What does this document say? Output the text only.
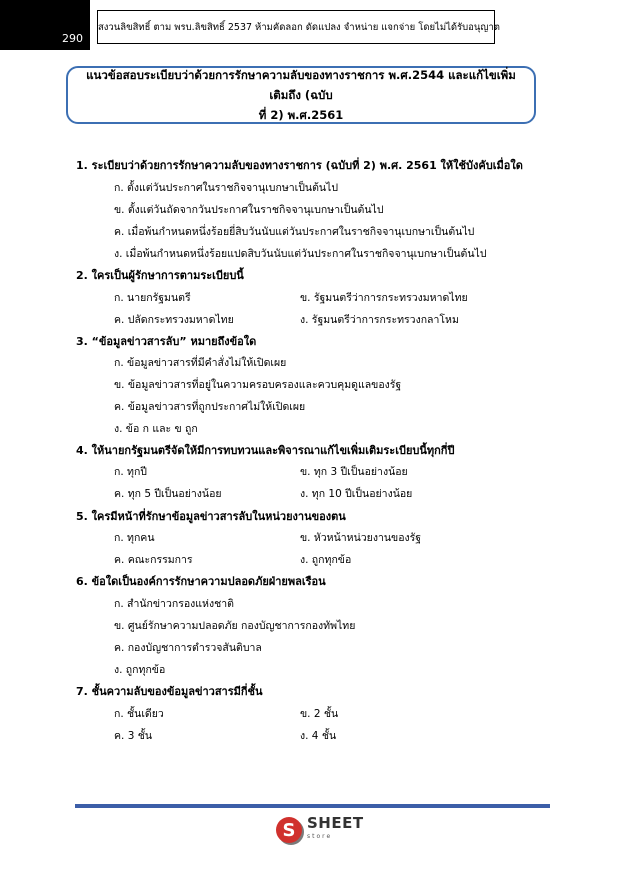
290
สงวนลิขสิทธิ์ ตาม พรบ.ลิขสิทธิ์ 2537 ห้ามคัดลอก ดัดแปลง จำหน่าย แจกจ่าย โดยไม่ได้รับอนุญาต
แนวข้อสอบระเบียบว่าด้วยการรักษาความลับของทางราชการ พ.ศ.2544 และแก้ไขเพิ่มเติมถึง (ฉบับ
ที่ 2) พ.ศ.2561
1. ระเบียบว่าด้วยการรักษาความลับของทางราชการ (ฉบับที่ 2) พ.ศ. 2561 ให้ใช้บังคับเมื่อใด
ก. ตั้งแต่วันประกาศในราชกิจจานุเบกษาเป็นต้นไป
ข. ตั้งแต่วันถัดจากวันประกาศในราชกิจจานุเบกษาเป็นต้นไป
ค. เมื่อพ้นกำหนดหนึ่งร้อยยี่สิบวันนับแต่วันประกาศในราชกิจจานุเบกษาเป็นต้นไป
ง. เมื่อพ้นกำหนดหนึ่งร้อยแปดสิบวันนับแต่วันประกาศในราชกิจจานุเบกษาเป็นต้นไป
2. ใครเป็นผู้รักษาการตามระเบียบนี้
ก. นายกรัฐมนตรี	ข. รัฐมนตรีว่าการกระทรวงมหาดไทย
ค. ปลัดกระทรวงมหาดไทย	ง. รัฐมนตรีว่าการกระทรวงกลาโหม
3. “ข้อมูลข่าวสารลับ” หมายถึงข้อใด
ก. ข้อมูลข่าวสารที่มีคำสั่งไม่ให้เปิดเผย
ข. ข้อมูลข่าวสารที่อยู่ในความครอบครองและควบคุมดูแลของรัฐ
ค. ข้อมูลข่าวสารที่ถูกประกาศไม่ให้เปิดเผย
ง. ข้อ ก และ ข ถูก
4. ให้นายกรัฐมนตรีจัดให้มีการทบทวนและพิจารณาแก้ไขเพิ่มเติมระเบียบนี้ทุกกี่ปี
ก. ทุกปี	ข. ทุก 3 ปีเป็นอย่างน้อย
ค. ทุก 5 ปีเป็นอย่างน้อย	ง. ทุก 10 ปีเป็นอย่างน้อย
5. ใครมีหน้าที่รักษาข้อมูลข่าวสารลับในหน่วยงานของตน
ก. ทุกคน	ข. หัวหน้าหน่วยงานของรัฐ
ค. คณะกรรมการ	ง. ถูกทุกข้อ
6. ข้อใดเป็นองค์การรักษาความปลอดภัยฝ่ายพลเรือน
ก. สำนักข่าวกรองแห่งชาติ
ข. ศูนย์รักษาความปลอดภัย กองบัญชาการกองทัพไทย
ค. กองบัญชาการตำรวจสันติบาล
ง. ถูกทุกข้อ
7. ชั้นความลับของข้อมูลข่าวสารมีกี่ชั้น
ก. ชั้นเดียว	ข. 2 ชั้น
ค. 3 ชั้น	ง. 4 ชั้น
S SHEET
store
